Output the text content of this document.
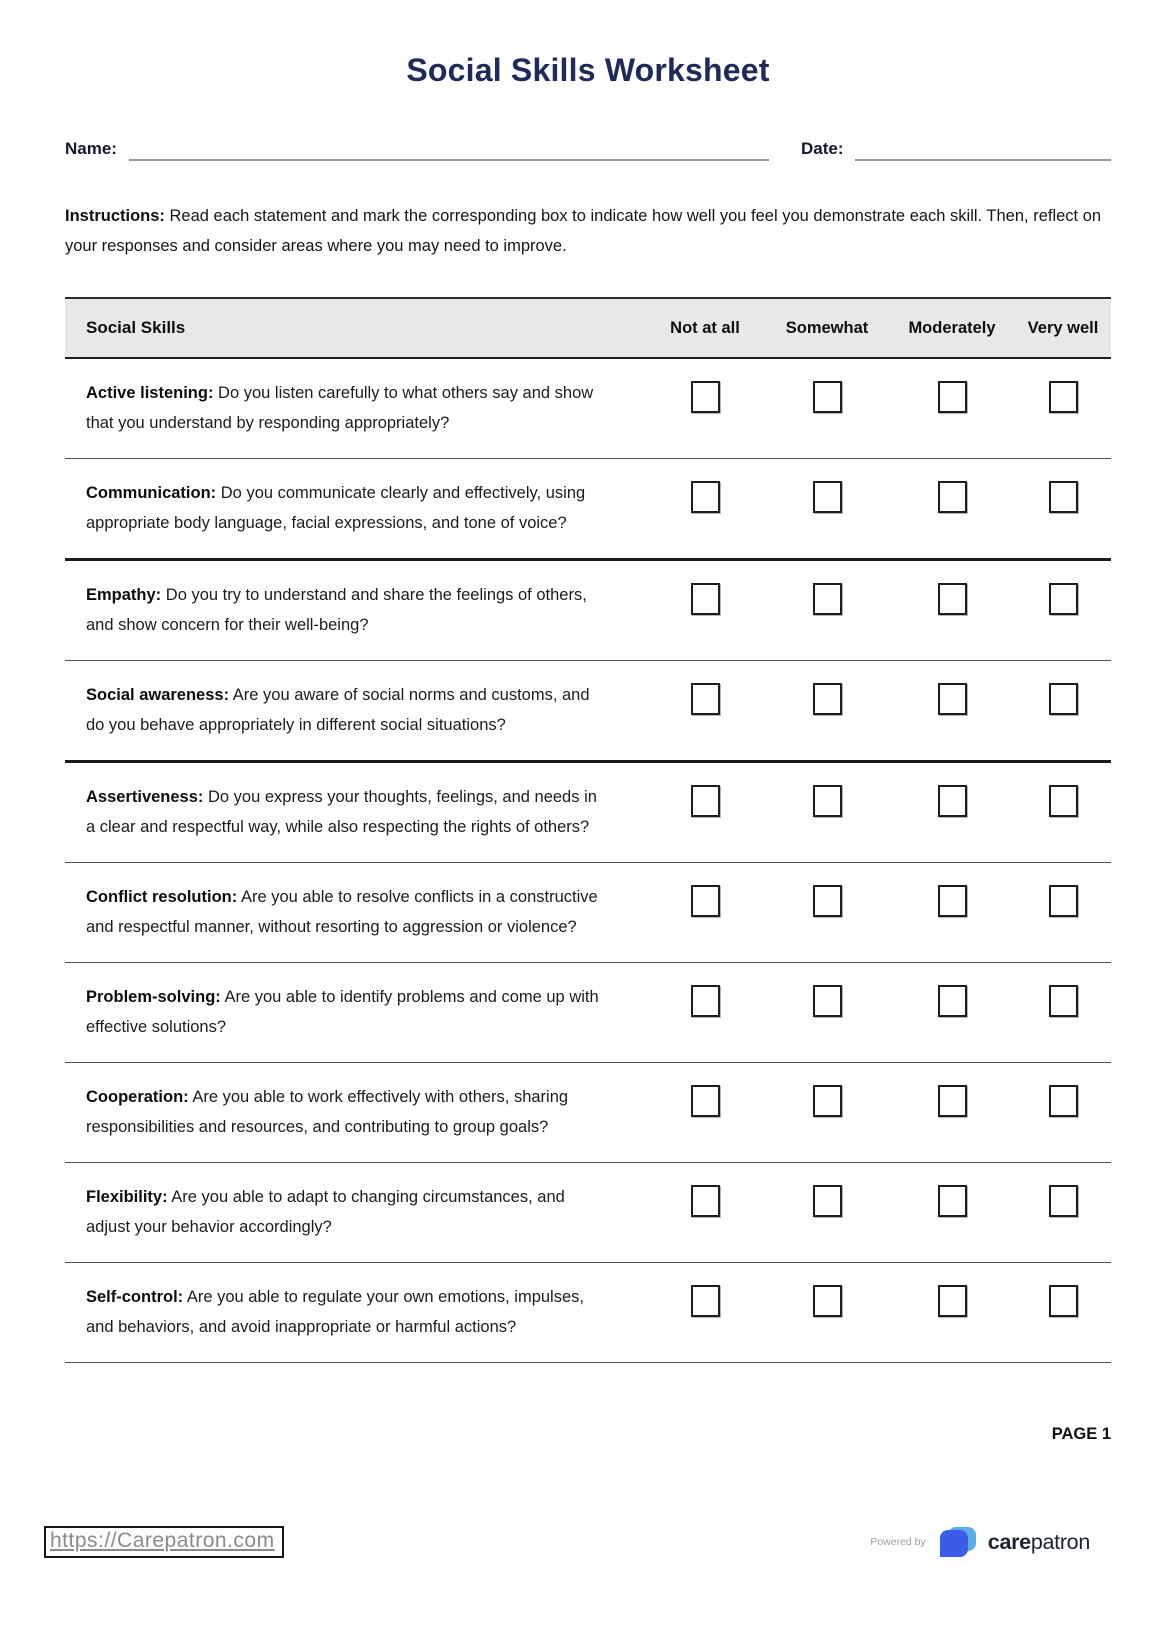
Social Skills Worksheet
Name:	Date:

Instructions: Read each statement and mark the corresponding box to indicate how well you feel you demonstrate each skill. Then, reflect on your responses and consider areas where you may need to improve.

Social Skills	Not at all	Somewhat	Moderately	Very well
Active listening: Do you listen carefully to what others say and show that you understand by responding appropriately?
Communication: Do you communicate clearly and effectively, using appropriate body language, facial expressions, and tone of voice?
Empathy: Do you try to understand and share the feelings of others, and show concern for their well-being?
Social awareness: Are you aware of social norms and customs, and do you behave appropriately in different social situations?
Assertiveness: Do you express your thoughts, feelings, and needs in a clear and respectful way, while also respecting the rights of others?
Conflict resolution: Are you able to resolve conflicts in a constructive and respectful manner, without resorting to aggression or violence?
Problem-solving: Are you able to identify problems and come up with effective solutions?
Cooperation: Are you able to work effectively with others, sharing responsibilities and resources, and contributing to group goals?
Flexibility: Are you able to adapt to changing circumstances, and adjust your behavior accordingly?
Self-control: Are you able to regulate your own emotions, impulses, and behaviors, and avoid inappropriate or harmful actions?
PAGE 1
https://Carepatron.com	Powered by	carepatron
